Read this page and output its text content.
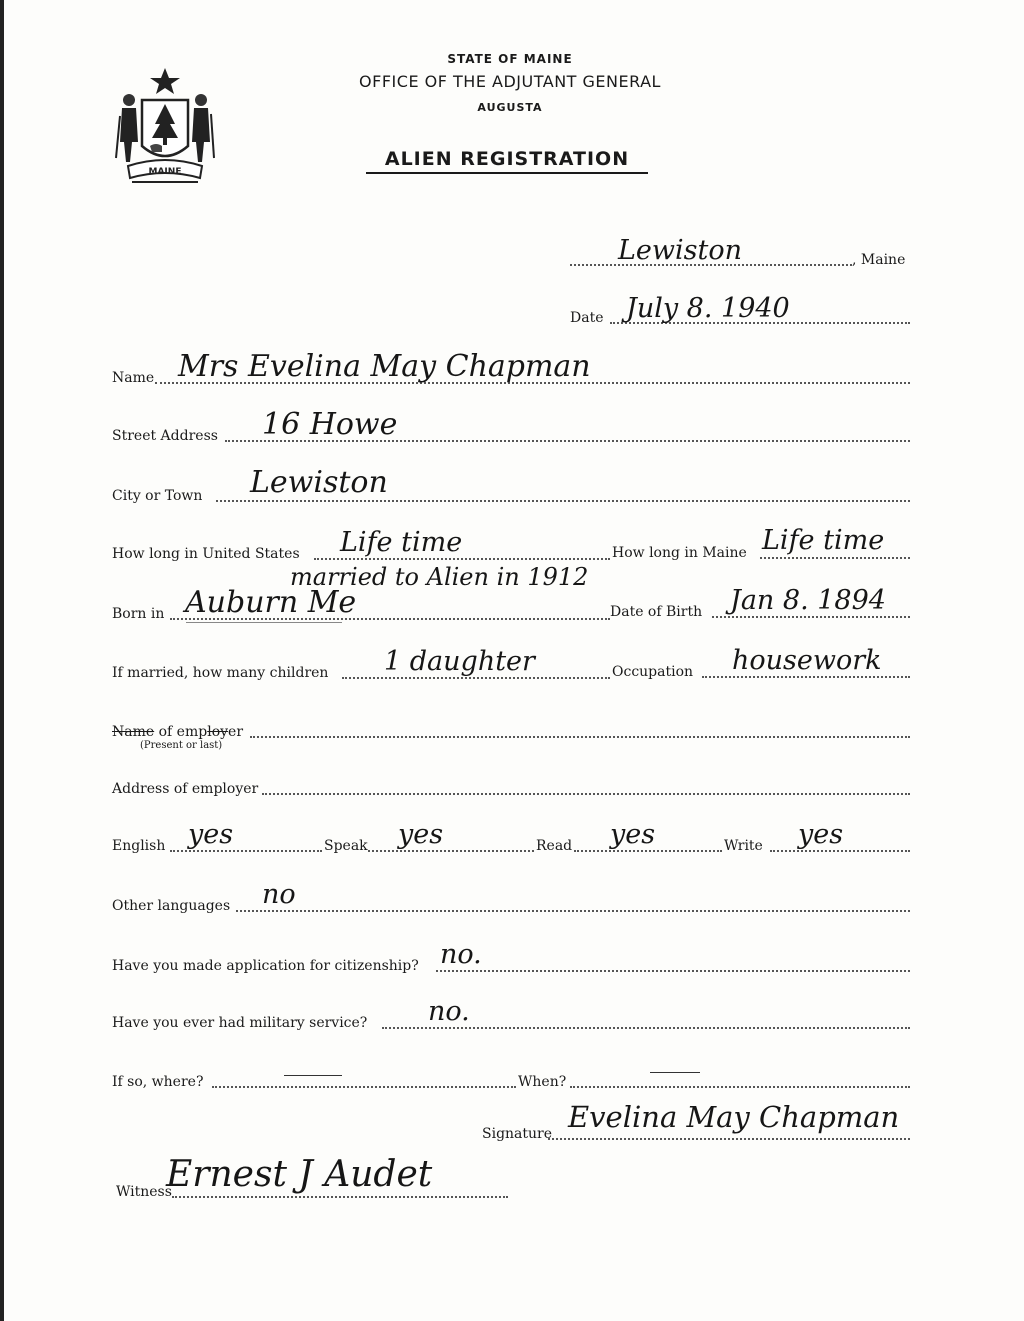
MAINE
STATE OF MAINE
OFFICE OF THE ADJUTANT GENERAL
AUGUSTA
ALIEN REGISTRATION
Lewiston	, Maine
Date July 8. 1940
Name Mrs Evelina May Chapman
Street Address 16 Howe
City or Town Lewiston
How long in United States Life time	How long in Maine Life time
married to Alien in 1912
Born in Auburn Me	Date of Birth Jan 8. 1894
If married, how many children 1 daughter	Occupation housework
Name of employer
(Present or last)
Address of employer
English yes	Speak yes	Read yes	Write yes
Other languages no
Have you made application for citizenship? no.
Have you ever had military service? no.
If so, where?	When?
Signature Evelina May Chapman
Witness
Ernest J Audet
